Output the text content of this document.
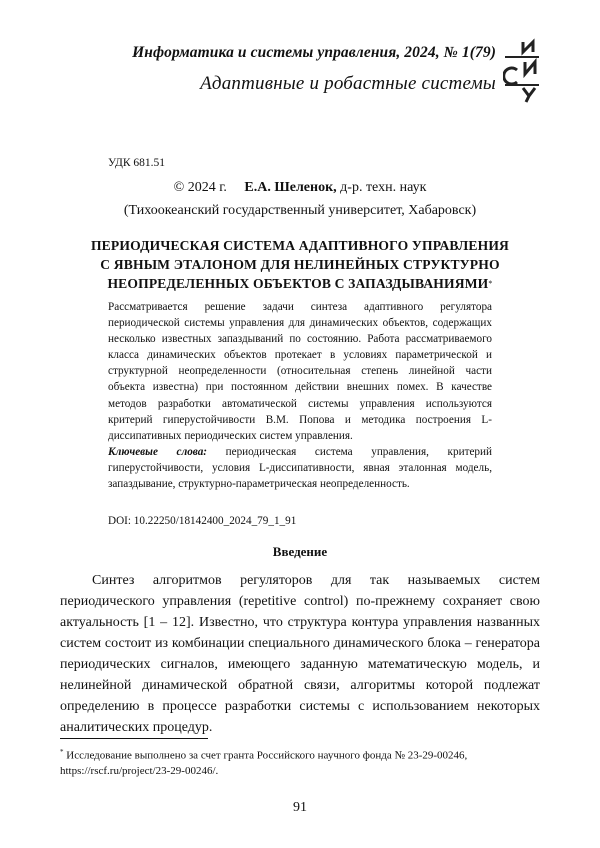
Информатика и системы управления, 2024, № 1(79)
Адаптивные и робастные системы
УДК 681.51
© 2024 г. Е.А. Шеленок, д-р. техн. наук
(Тихоокеанский государственный университет, Хабаровск)
ПЕРИОДИЧЕСКАЯ СИСТЕМА АДАПТИВНОГО УПРАВЛЕНИЯ
С ЯВНЫМ ЭТАЛОНОМ ДЛЯ НЕЛИНЕЙНЫХ СТРУКТУРНО
НЕОПРЕДЕЛЕННЫХ ОБЪЕКТОВ С ЗАПАЗДЫВАНИЯМИ*

Рассматривается решение задачи синтеза адаптивного регулятора периодической системы управления для динамических объектов, содержащих несколько известных запаздываний по состоянию. Работа рассматриваемого класса динамических объектов протекает в условиях параметрической и структурной неопределенности (относительная степень линейной части объекта известна) при постоянном действии внешних помех. В качестве методов разработки автоматической системы управления используются критерий гиперустойчивости В.М. Попова и методика построения L-диссипативных периодических систем управления.

Ключевые слова: периодическая система управления, критерий гиперустойчивости, условия L-диссипативности, явная эталонная модель, запаздывание, структурно-параметрическая неопределенность.

DOI: 10.22250/18142400_2024_79_1_91
Введение

Синтез алгоритмов регуляторов для так называемых систем периодического управления (repetitive control) по-прежнему сохраняет свою актуальность [1 – 12]. Известно, что структура контура управления названных систем состоит из комбинации специального динамического блока – генератора периодических сигналов, имеющего заданную математическую модель, и нелинейной динамической обратной связи, алгоритмы которой подлежат определению в процессе разработки системы с использованием некоторых аналитических процедур.

* Исследование выполнено за счет гранта Российского научного фонда № 23-29-00246, https://rscf.ru/project/23-29-00246/.
91
